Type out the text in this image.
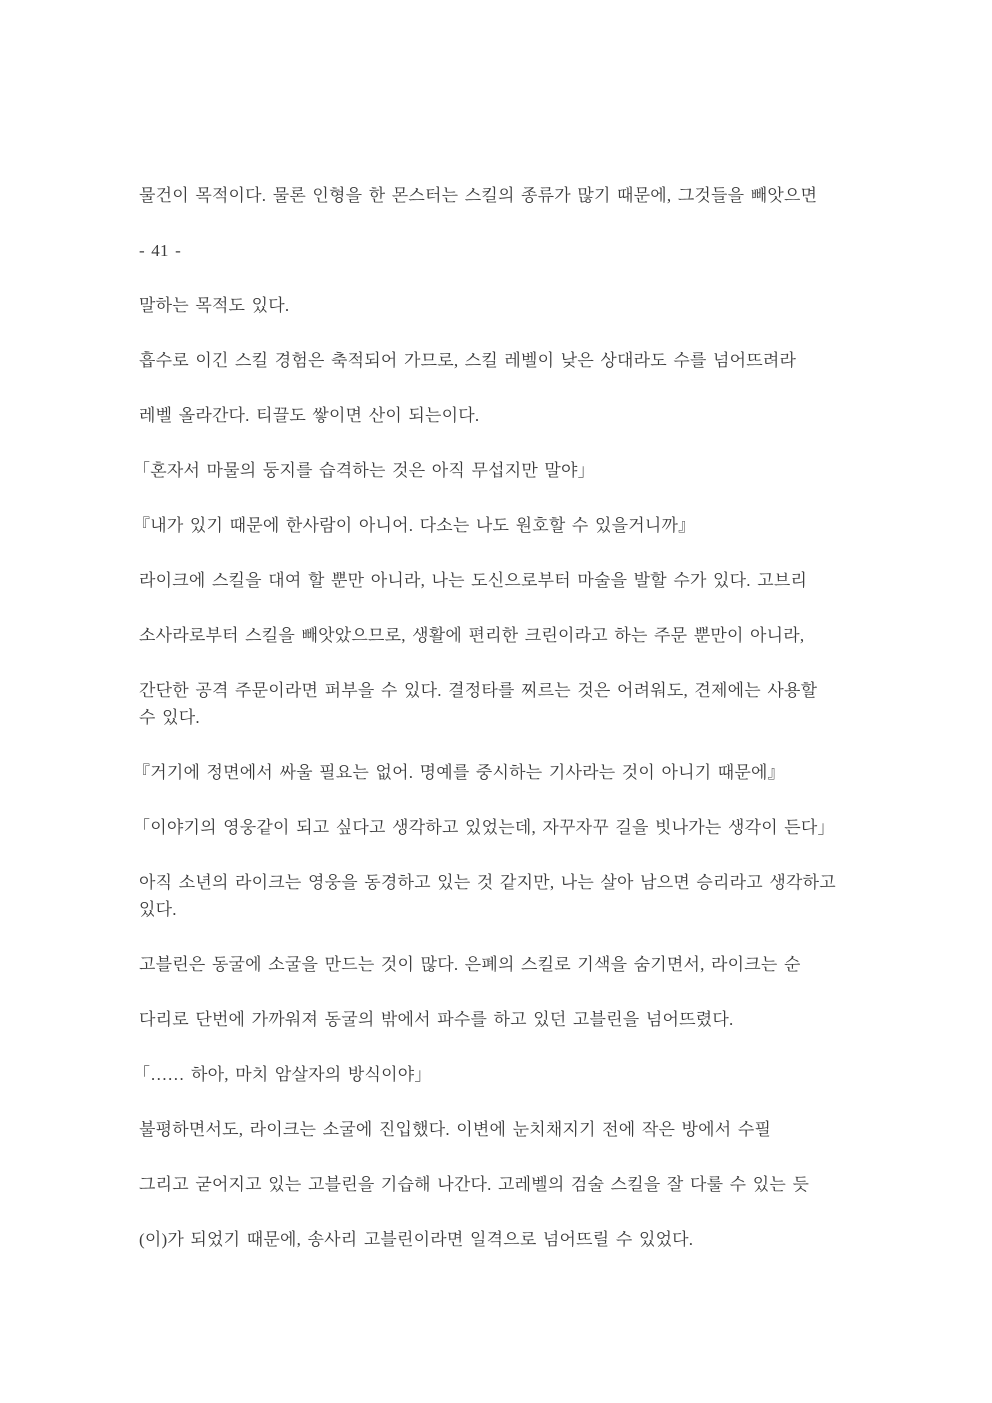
물건이 목적이다. 물론 인형을 한 몬스터는 스킬의 종류가 많기 때문에, 그것들을 빼앗으면

- 41 -

말하는 목적도 있다.

흡수로 이긴 스킬 경험은 축적되어 가므로, 스킬 레벨이 낮은 상대라도 수를 넘어뜨려라

레벨 올라간다. 티끌도 쌓이면 산이 되는이다.

「혼자서 마물의 둥지를 습격하는 것은 아직 무섭지만 말야」

『내가 있기 때문에 한사람이 아니어. 다소는 나도 원호할 수 있을거니까』

라이크에 스킬을 대여 할 뿐만 아니라, 나는 도신으로부터 마술을 발할 수가 있다. 고브리

소사라로부터 스킬을 빼앗았으므로, 생활에 편리한 크린이라고 하는 주문 뿐만이 아니라,

간단한 공격 주문이라면 퍼부을 수 있다. 결정타를 찌르는 것은 어려워도, 견제에는 사용할

수 있다.

『거기에 정면에서 싸울 필요는 없어. 명예를 중시하는 기사라는 것이 아니기 때문에』

「이야기의 영웅같이 되고 싶다고 생각하고 있었는데, 자꾸자꾸 길을 빗나가는 생각이 든다」

아직 소년의 라이크는 영웅을 동경하고 있는 것 같지만, 나는 살아 남으면 승리라고 생각하고

있다.

고블린은 동굴에 소굴을 만드는 것이 많다. 은폐의 스킬로 기색을 숨기면서, 라이크는 순

다리로 단번에 가까워져 동굴의 밖에서 파수를 하고 있던 고블린을 넘어뜨렸다.

「…… 하아, 마치 암살자의 방식이야」

불평하면서도, 라이크는 소굴에 진입했다. 이변에 눈치채지기 전에 작은 방에서 수필

그리고 굳어지고 있는 고블린을 기습해 나간다. 고레벨의 검술 스킬을 잘 다룰 수 있는 듯

(이)가 되었기 때문에, 송사리 고블린이라면 일격으로 넘어뜨릴 수 있었다.
